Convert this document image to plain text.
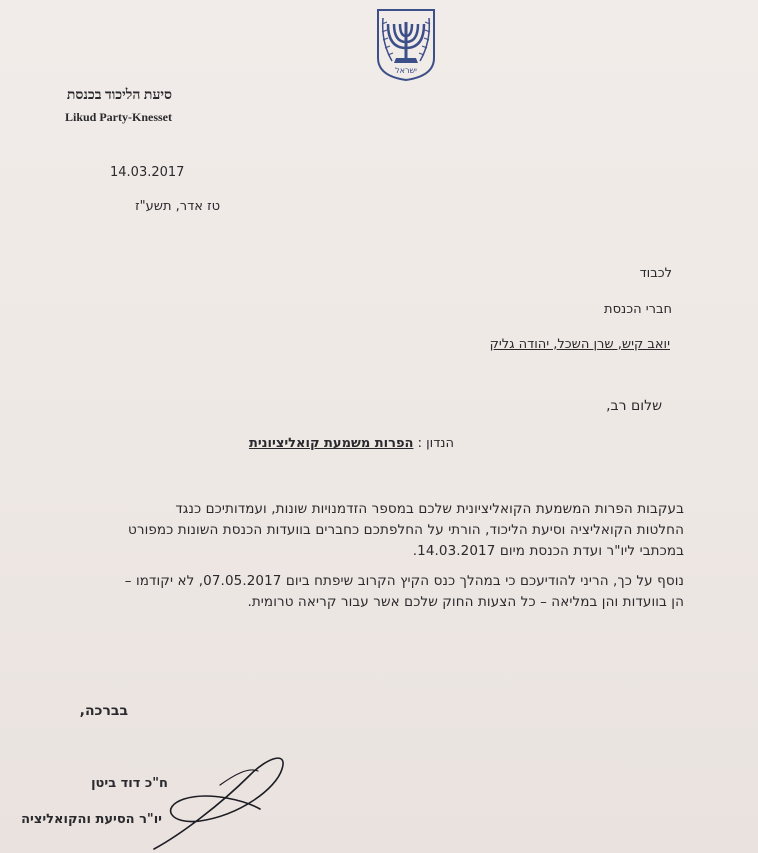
ישראל
סיעת הליכוד בכנסת
Likud Party-Knesset
14.03.2017
טז אדר, תשע"ז
לכבוד
חברי הכנסת
יואב קיש, שרן השכל, יהודה גליק
שלום רב,
הנדון : הפרות משמעת קואליציונית
בעקבות הפרות המשמעת הקואליציונית שלכם במספר הזדמנויות שונות, ועמדותיכם כנגד
החלטות הקואליציה וסיעת הליכוד, הורתי על החלפתכם כחברים בוועדות הכנסת השונות כמפורט
במכתבי ליו"ר ועדת הכנסת מיום 14.03.2017.
נוסף על כך, הריני להודיעכם כי במהלך כנס הקיץ הקרוב שיפתח ביום 07.05.2017, לא יקודמו –
הן בוועדות והן במליאה – כל הצעות החוק שלכם אשר עבור קריאה טרומית.
בברכה,
ח"כ דוד ביטן
יו"ר הסיעת והקואליציה
